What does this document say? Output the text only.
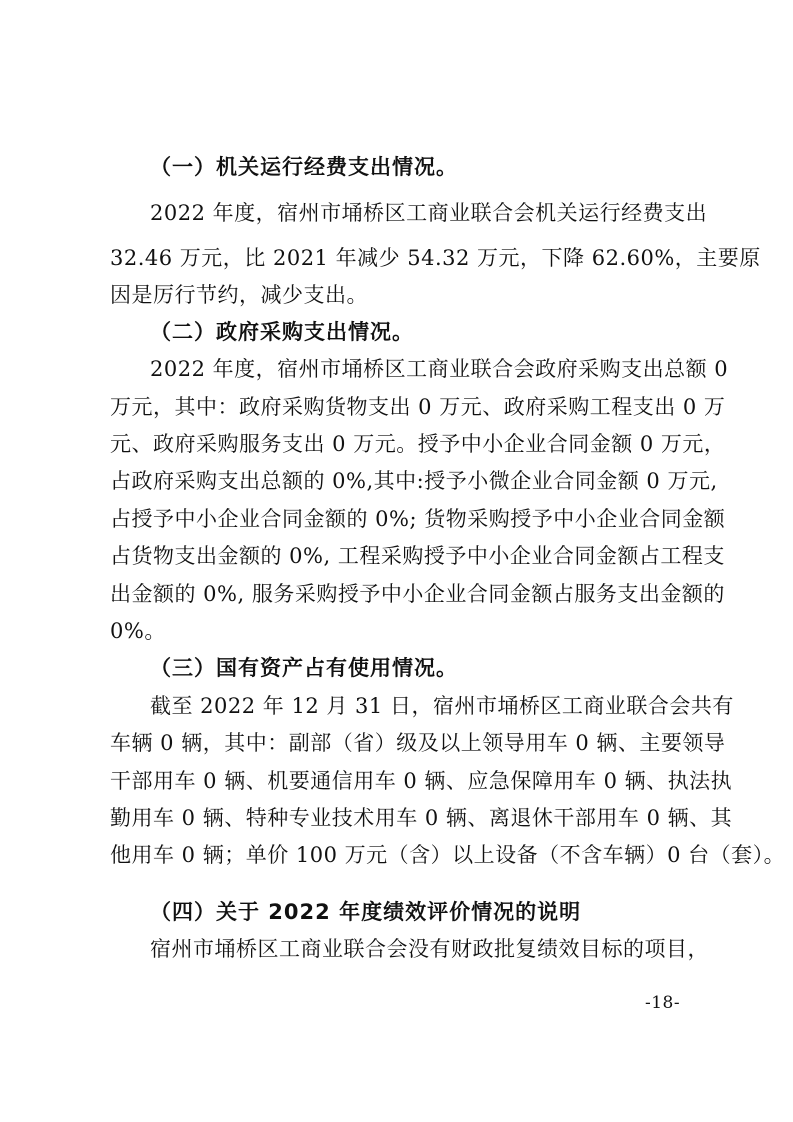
（一）机关运行经费支出情况。
2022 年度，宿州市埇桥区工商业联合会机关运行经费支出
32.46 万元，比 2021 年减少 54.32 万元，下降 62.60%，主要原
因是厉行节约，减少支出。
（二）政府采购支出情况。
2022 年度，宿州市埇桥区工商业联合会政府采购支出总额 0
万元，其中：政府采购货物支出 0 万元、政府采购工程支出 0 万
元、政府采购服务支出 0 万元。授予中小企业合同金额 0 万元，
占政府采购支出总额的 0%,其中:授予小微企业合同金额 0 万元,
占授予中小企业合同金额的 0%; 货物采购授予中小企业合同金额
占货物支出金额的 0%, 工程采购授予中小企业合同金额占工程支
出金额的 0%, 服务采购授予中小企业合同金额占服务支出金额的
0%。
（三）国有资产占有使用情况。
截至 2022 年 12 月 31 日，宿州市埇桥区工商业联合会共有
车辆 0 辆，其中：副部（省）级及以上领导用车 0 辆、主要领导
干部用车 0 辆、机要通信用车 0 辆、应急保障用车 0 辆、执法执
勤用车 0 辆、特种专业技术用车 0 辆、离退休干部用车 0 辆、其
他用车 0 辆；单价 100 万元（含）以上设备（不含车辆）0 台（套）。
（四）关于 2022 年度绩效评价情况的说明
宿州市埇桥区工商业联合会没有财政批复绩效目标的项目，
-18-
